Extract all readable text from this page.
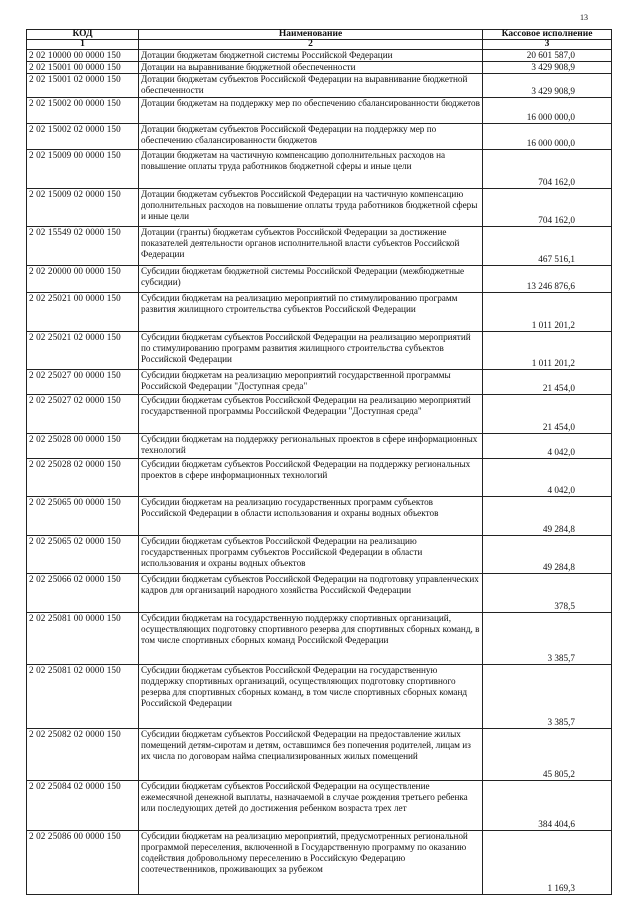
13
КОД	Наименование	Кассовое исполнение
1	2	3
2 02 10000 00 0000 150	Дотации бюджетам бюджетной системы Российской Федерации	20 601 587,0
2 02 15001 00 0000 150	Дотации на выравнивание бюджетной обеспеченности	3 429 908,9
2 02 15001 02 0000 150	Дотации бюджетам субъектов Российской Федерации на выравнивание бюджетной обеспеченности	3 429 908,9
2 02 15002 00 0000 150	Дотации бюджетам на поддержку мер по обеспечению сбалансированности бюджетов	16 000 000,0
2 02 15002 02 0000 150	Дотации бюджетам субъектов Российской Федерации на поддержку мер по обеспечению сбалансированности бюджетов	16 000 000,0
2 02 15009 00 0000 150	Дотации бюджетам на частичную компенсацию дополнительных расходов на повышение оплаты труда работников бюджетной сферы и иные цели	704 162,0
2 02 15009 02 0000 150	Дотации бюджетам субъектов Российской Федерации на частичную компенсацию дополнительных расходов на повышение оплаты труда работников бюджетной сферы и иные цели	704 162,0
2 02 15549 02 0000 150	Дотации (гранты) бюджетам субъектов Российской Федерации за достижение показателей деятельности органов исполнительной власти субъектов Российской Федерации	467 516,1
2 02 20000 00 0000 150	Субсидии бюджетам бюджетной системы Российской Федерации (межбюджетные субсидии)	13 246 876,6
2 02 25021 00 0000 150	Субсидии бюджетам на реализацию мероприятий по стимулированию программ развития жилищного строительства субъектов Российской Федерации	1 011 201,2
2 02 25021 02 0000 150	Субсидии бюджетам субъектов Российской Федерации на реализацию мероприятий по стимулированию программ развития жилищного строительства субъектов Российской Федерации	1 011 201,2
2 02 25027 00 0000 150	Субсидии бюджетам на реализацию мероприятий государственной программы Российской Федерации "Доступная среда"	21 454,0
2 02 25027 02 0000 150	Субсидии бюджетам субъектов Российской Федерации на реализацию мероприятий государственной программы Российской Федерации "Доступная среда"	21 454,0
2 02 25028 00 0000 150	Субсидии бюджетам на поддержку региональных проектов в сфере информационных технологий	4 042,0
2 02 25028 02 0000 150	Субсидии бюджетам субъектов Российской Федерации на поддержку региональных проектов в сфере информационных технологий	4 042,0
2 02 25065 00 0000 150	Субсидии бюджетам на реализацию государственных программ субъектов Российской Федерации в области использования и охраны водных объектов	49 284,8
2 02 25065 02 0000 150	Субсидии бюджетам субъектов Российской Федерации на реализацию государственных программ субъектов Российской Федерации в области использования и охраны водных объектов	49 284,8
2 02 25066 02 0000 150	Субсидии бюджетам субъектов Российской Федерации на подготовку управленческих кадров для организаций народного хозяйства Российской Федерации	378,5
2 02 25081 00 0000 150	Субсидии бюджетам на государственную поддержку спортивных организаций, осуществляющих подготовку спортивного резерва для спортивных сборных команд, в том числе спортивных сборных команд Российской Федерации	3 385,7
2 02 25081 02 0000 150	Субсидии бюджетам субъектов Российской Федерации на государственную поддержку спортивных организаций, осуществляющих подготовку спортивного резерва для спортивных сборных команд, в том числе спортивных сборных команд Российской Федерации	3 385,7
2 02 25082 02 0000 150	Субсидии бюджетам субъектов Российской Федерации на предоставление жилых помещений детям-сиротам и детям, оставшимся без попечения родителей, лицам из их числа по договорам найма специализированных жилых помещений	45 805,2
2 02 25084 02 0000 150	Субсидии бюджетам субъектов Российской Федерации на осуществление ежемесячной денежной выплаты, назначаемой в случае рождения третьего ребенка или последующих детей до достижения ребенком возраста трех лет	384 404,6
2 02 25086 00 0000 150	Субсидии бюджетам на реализацию мероприятий, предусмотренных региональной программой переселения, включенной в Государственную программу по оказанию содействия добровольному переселению в Российскую Федерацию соотечественников, проживающих за рубежом	1 169,3
